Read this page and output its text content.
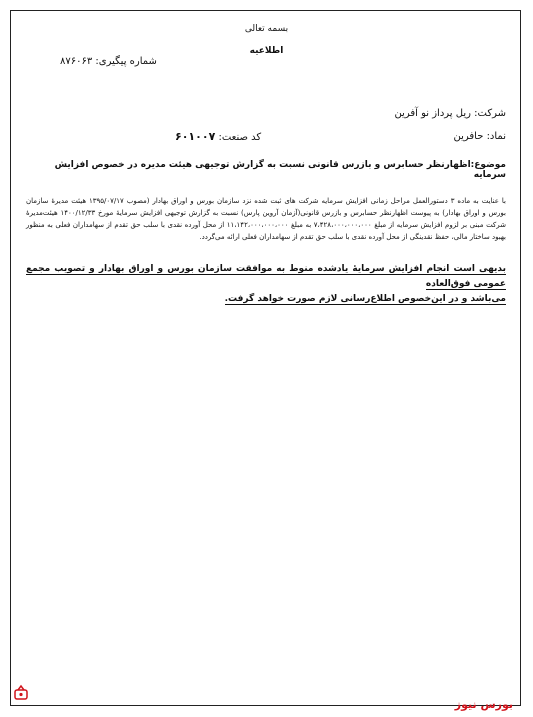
بسمه تعالی
اطلاعیه
شماره پیگیری: ۸۷۶۰۶۳
شرکت: ریل پرداز نو آفرین
نماد: حافرین
کد صنعت: ۶۰۱۰۰۷
موضوع:اظهارنظر حسابرس و بازرس قانونی نسبت به گزارش توجیهی هیئت مدیره در خصوص افزایش سرمایه
با عنایت به ماده ۳ دستورالعمل مراحل زمانی افزایش سرمایه شرکت های ثبت شده نزد سازمان بورس و اوراق بهادار (مصوب ۱۳۹۵/۰۷/۱۷ هیئت مدیرهٔ سازمان بورس و اوراق بهادار) به پیوست اظهارنظر حسابرس و بازرس قانونی(آزمان آروین پارس) نسبت به گزارش توجیهی افزایش سرمایهٔ مورخ ۱۴۰۰/۱۲/۳۳ هیئت‌مدیرهٔ شرکت مبنی بر لزوم افزایش سرمایه از مبلغ ۷،۴۲۸،۰۰۰،۰۰۰،۰۰۰ به مبلغ ۱۱،۱۴۲،۰۰۰،۰۰۰،۰۰۰ از محل آورده نقدی با سلب حق تقدم از سهامداران فعلی به منظور بهبود ساختار مالی، حفظ نقدینگی از محل آورده نقدی با سلب حق تقدم از سهامداران فعلی ارائه می‌گردد.
بدیهی است انجام افزایش سرمایهٔ یادشده منوط به موافقت سازمان بورس و اوراق بهادار و تصویب مجمع عمومی فوق‌العاده
می‌باشد و در این‌خصوص اطلاع‌رسانی لازم صورت خواهد گرفت.
بورس نیوز
